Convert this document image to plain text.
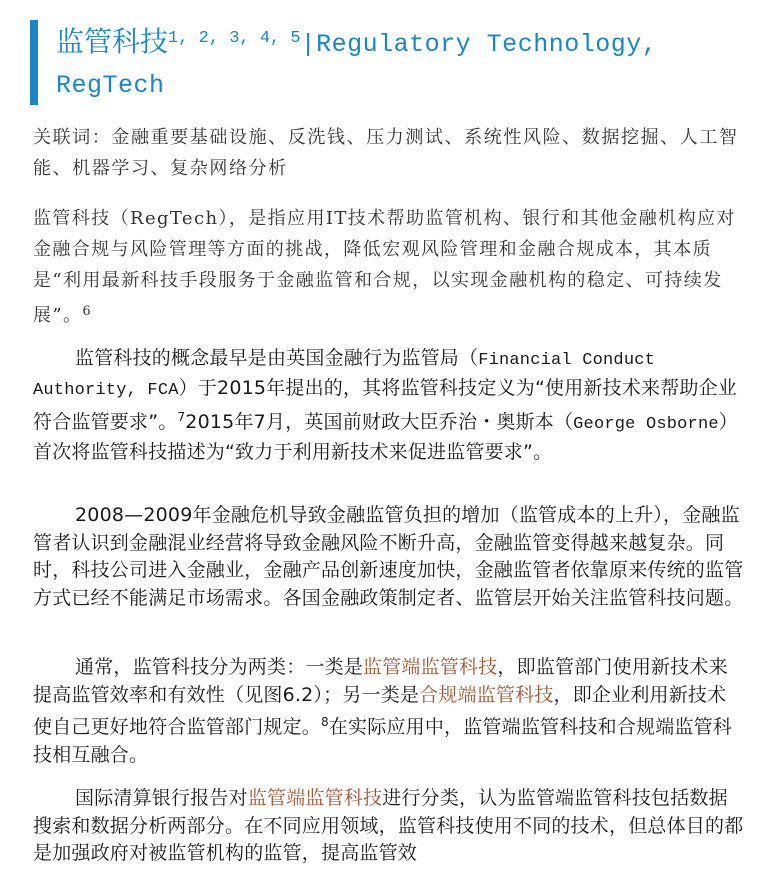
监管科技$^{1, 2, 3, 4, 5}$|Regulatory Technology, RegTech
关联词：金融重要基础设施、反洗钱、压力测试、系统性风险、数据挖掘、人工智能、机器学习、复杂网络分析
监管科技（RegTech），是指应用IT技术帮助监管机构、银行和其他金融机构应对金融合规与风险管理等方面的挑战，降低宏观风险管理和金融合规成本，其本质是“利用最新科技手段服务于金融监管和合规，以实现金融机构的稳定、可持续发展”。$^6$
监管科技的概念最早是由英国金融行为监管局（Financial Conduct Authority, FCA）于2015年提出的，其将监管科技定义为“使用新技术来帮助企业符合监管要求”。$^7$2015年7月，英国前财政大臣乔治・奥斯本（George Osborne）首次将监管科技描述为“致力于利用新技术来促进监管要求”。
2008—2009年金融危机导致金融监管负担的增加（监管成本的上升），金融监管者认识到金融混业经营将导致金融风险不断升高，金融监管变得越来越复杂。同时，科技公司进入金融业，金融产品创新速度加快，金融监管者依靠原来传统的监管方式已经不能满足市场需求。各国金融政策制定者、监管层开始关注监管科技问题。
通常，监管科技分为两类：一类是监管端监管科技，即监管部门使用新技术来提高监管效率和有效性（见图6.2）；另一类是合规端监管科技，即企业利用新技术使自己更好地符合监管部门规定。$^8$在实际应用中，监管端监管科技和合规端监管科技相互融合。
国际清算银行报告对监管端监管科技进行分类，认为监管端监管科技包括数据搜索和数据分析两部分。在不同应用领域，监管科技使用不同的技术，但总体目的都是加强政府对被监管机构的监管，提高监管效
